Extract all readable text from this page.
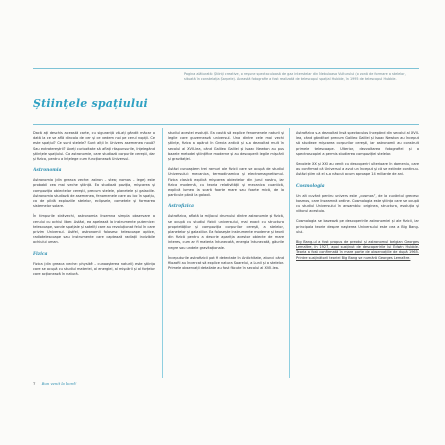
Pagina alăturată: Științi creative, o reșune spectaculoasă de gaz interstelar din Nebuloasa Vulturului (o zonă de formare a stelelor, situată în constelația Șarpele). Această fotografie a fost realizată de telescopul spațial Hubble, în 1995 de telescopul Hubble.
Științele spațiului

Dacă ați deschis această carte, cu siguranță vă-ați gândit măcar o dată la ce se află dincolo de cer și ce vedem noi pe cerul nopții. Ce este spațiul? Ce sunt stelele? Sunt alții în Univers asemenea nouă? Sau extratereștrii? Aveți curiozitate să aflați răspunsurile, înțelegând științele spațiului. Ca astronomie, care studiază corpurile cerești, dar și fizica, pentru a înțelege cum funcționează Universul.

Astronomia

Astronomia (din greaca veche: astron – stea; nomos – lege) este probabil cea mai veche știință. Ea studiază poziția, mișcarea și compoziția obiectelor cerești, precum stelele, planetele și galaxiile. Astronomia studiază de asemenea, fenomenele care au loc în spațiu, ca de pildă exploziile stelelor, eclipsele, cometele și formarea sistemelor solare.

În timpurile străvechi, astronomia însemna simpla observare a cerului cu ochiul liber. Astăzi, ea apelează la instrumente puternice: telescoape, sonde spațiale și sateliți care au revoluționat felul în care privim Universul. Astfel, astronomii folosesc telescoape optice, radiotelescoape sau instrumente care captează radiații invizibile ochiului uman.

Fizica

Fizica (din greaca veche: physikê – cunoașterea naturii) este știința care se ocupă cu studiul materiei, al energiei, al mișcării și al forțelor care acționează în natură.

studiul acestei evoluții. Ea caută să explice fenomenele naturii și legile care guvernează universul. Una dintre cele mai vechi științe, fizica a apărut în Grecia antică și s-a dezvoltat mult în secolul al XVII-lea, când Galileo Galilei și Isaac Newton au pus bazele metodei științifice moderne și au descoperit legile mișcării și gravitației.

Astăzi cunoaștem trei ramuri ale fizicii care se ocupă de studiul Universului: mecanica, termodinamica și electromagnetismul. Fizica clasică explică mișcarea obiectelor din jurul nostru, iar fizica modernă, cu teoria relativității și mecanica cuantică, explică lumea la scară foarte mare sau foarte mică, de la particule până la galaxii.

Astrofizica

Astrofizica, aflată la mijlocul drumului dintre astronomie și fizică, se ocupă cu studiul fizicii universului, mai exact cu structura proprietăților și compoziția corpurilor cerești, a stelelor, planetelor și galaxiilor. Ea folosește instrumente moderne și teorii din fizică pentru a descrie apariția acestor obiecte de mare interes, cum ar fi materia întunecată, energia întunecată, găurile negre sau undele gravitaționale.

Începuturile astrofizicii pot fi detectate în Antichitate, atunci când filozofii au încercat să explice natura Soarelui, a Lunii și a stelelor. Primele observații detaliate au fost făcute în secolul al XVII-lea.

Astrofizica s-a dezvoltat însă spectaculos începând din secolul al XVII-lea, când gânditori precum Galileo Galilei și Isaac Newton au început să studieze mișcarea corpurilor cerești, iar astronomii au construit primele telescoape. Ulterior, dezvoltarea fotografiei și a spectroscopiei a permis studierea compoziției stelelor.

Secolele XX și XXI au venit cu descoperiri ulterioare în domeniu, care au confirmat că Universul a avut un început și că se extinde continuu. Astăzi știm că el s-a născut acum aproape 14 miliarde de ani.

Cosmologia

Un alt cuvânt pentru univers este „cosmos”, de la cuvântul grecesc kosmos, care înseamnă ordine. Cosmologia este știința care se ocupă cu studiul Universului în ansamblu: originea, structura, evoluția și viitorul acestuia.

Cosmologia se bazează pe descoperirile astronomiei și ale fizicii, iar principala teorie despre nașterea Universului este cea a Big Bang-ului.

Big Bang-ul a fost propus de preotul și astronomul belgian Georges Lemaître, în 1927, apoi susținut de descoperirile lui Edwin Hubble. Teoria a fost confirmată în mare parte de observațiile de după 1965. Printre susținătorii teoriei Big Bang se numără Georges Lemaître.

7 Bun venit la bord!
